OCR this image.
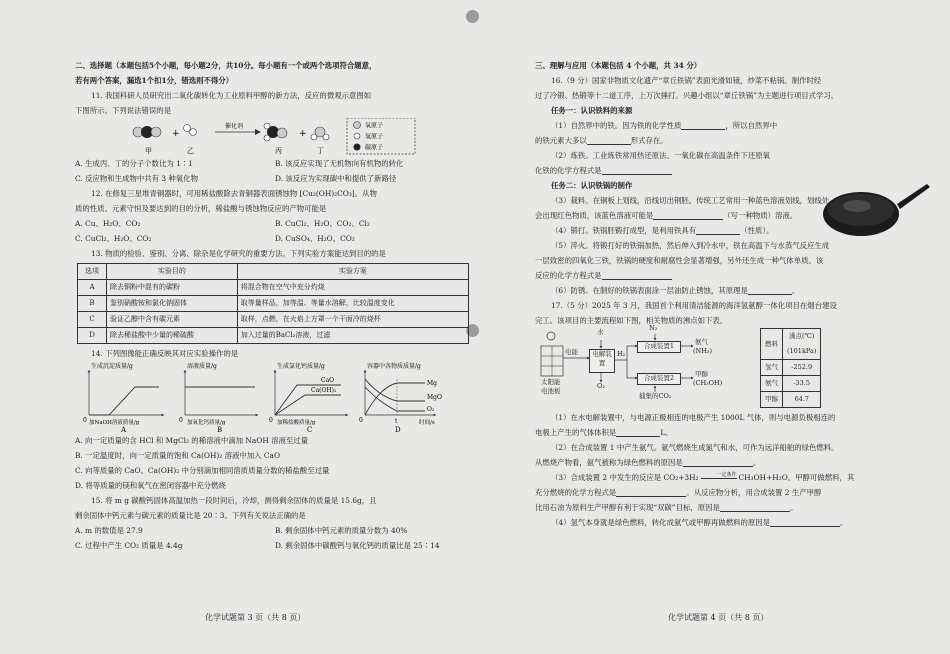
二、选择题（本题包括5个小题，每小题2分，共10分。每小题有一个或两个选项符合题意，

若有两个答案，漏选1个扣1分，错选则不得分）

11. 我国科研人员研究出二氧化碳转化为工业原料甲醇的新方法，反应的微观示意图如

下图所示。下列说法错误的是

甲
+
乙
催化剂
丙
+
丁
氧原子
氢原子
碳原子
A. 生成丙、丁的分子个数比为 1∶1	B. 该反应实现了无机物向有机物的转化
C. 反应物和生成物中共有 3 种氧化物	D. 该反应为实现碳中和提供了新路径

12. 在修复三星堆青铜器时，可用稀盐酸除去青铜器表面锈蚀物 [Cu₂(OH)₂CO₃]。从物

质的性质、元素守恒及要达到的目的分析，稀盐酸与锈蚀物反应的产物可能是

A. Cu、H₂O、CO₂	B. CuCl₂、H₂O、CO₂、Cl₂
C. CuCl₂、H₂O、CO₂	D. CuSO₄、H₂O、CO₂

13. 物质的检验、鉴别、分离、除杂是化学研究的重要方法。下列实验方案能达到目的的是

选项	实验目的	实验方案
A	除去铜粉中混有的碳粉	将混合物在空气中充分灼烧
B	鉴别硝酸铵和氯化钠固体	取等量样品，加等温、等量水溶解，比较温度变化
C	验证乙醇中含有碳元素	取样，点燃，在火焰上方罩一个干面冷的烧杯
D	除去稀盐酸中少量的稀硫酸	加入过量的BaCl₂溶液，过滤

14. 下列图像能正确反映其对应实验操作的是

生成沉淀质量/g
0 加NaOH溶液质量/g
A
溶液质量/g
0 加氧化钙质量/g
B
CaO
Ca(OH)₂
生成氯化钙质量/g
0 加稀盐酸质量/g
C
Mg
MgO
O₂
容器中各物质质量/g
0	t	时间/s
D

A. 向一定质量的含 HCl 和 MgCl₂ 的稀溶液中滴加 NaOH 溶液至过量

B. 一定温度时，向一定质量的饱和 Ca(OH)₂ 溶液中加入 CaO

C. 向等质量的 CaO、Ca(OH)₂ 中分别滴加相同溶质质量分数的稀盐酸至过量

D. 将等质量的镁和氧气在密闭容器中充分燃烧

15. 将 m g 碳酸钙固体高温加热一段时间后，冷却，测得剩余固体的质量是 15.6g，且

剩余固体中钙元素与碳元素的质量比是 20∶3。下列有关说法正确的是

A. m 的数值是 27.9	B. 剩余固体中钙元素的质量分数为 40%
C. 过程中产生 CO₂ 质量是 4.4g	D. 剩余固体中碳酸钙与氧化钙的质量比是 25∶14
化学试题第 3 页（共 8 页）

三、理解与应用（本题包括 4 个小题，共 34 分）

16.（9 分）国家非物质文化遗产“章丘铁锅”表面光滑如镜，炒菜不粘锅。制作时经

过了冷锻、热锻等十二道工序，上万次捶打。兴趣小组以“章丘铁锅”为主题进行项目式学习。

任务一：认识铁料的来源

（1）自然界中的铁。因为铁的化学性质	，所以自然界中

的铁元素大多以	形式存在。

（2）炼铁。工业炼铁常用热还原法。一氧化碳在高温条件下还原氧

化铁的化学方程式是

任务二：认识铁锅的制作

（3）裁料。在铜板上划线，沿线切出钢胚。传统工艺常用一种蓝色溶液划线，划线处

会出现红色物质，该蓝色溶液可能是	（写一种物质）溶液。

（4）锻打。铁锅胚锻打成型，是利用铁具有	（性质）。

（5）淬火。将锻打好的铁锅加热，然后伸入到冷水中，铁在高温下与水蒸气反应生成

一层致密的四氧化三铁，铁锅的硬度和耐腐性会显著增强，另外还生成一种气体单质。该

反应的化学方程式是

（6）防锈。在制好的铁锅表面涂一层油防止锈蚀，其原理是	。

17.（5 分）2025 年 3 月，我国首个利用清洁能源的海洋氢氨醇一体化项目在烟台建设

完工。该项目的主要流程如下图，相关物质的沸点如下表。

水	N₂
电能	电解装置
H₂
O₂
合成装置1
合成装置2
氨气
(NH₃)
甲醇
(CH₃OH)
捕集的CO₂
太阳能
电池板
燃料	沸点(℃)
(101kPa)
氢气	-252.9
氨气	-33.5
甲醇	64.7

（1）在水电解装置中，与电源正极相连的电极产生 1000L 气体，则与电源负极相连的

电极上产生的气体体积是	L。

（2）在合成装置 1 中产生氨气。氨气燃烧生成氮气和水，可作为远洋船舶的绿色燃料。

从燃烧产物看，氨气被称为绿色燃料的原因是	。

（3）合成装置 2 中发生的反应是 CO₂+3H₂	一定条件 CH₃OH+H₂O。甲醇可做燃料，其

充分燃烧的化学方程式是	。从反应物分析，用合成装置 2 生产甲醇

比用石油为原料生产甲醇有利于实现“双碳”目标，原因是	。

（4）氢气本身就是绿色燃料，转化成氨气或甲醇再做燃料的原因是	。

化学试题第 4 页（共 8 页）
